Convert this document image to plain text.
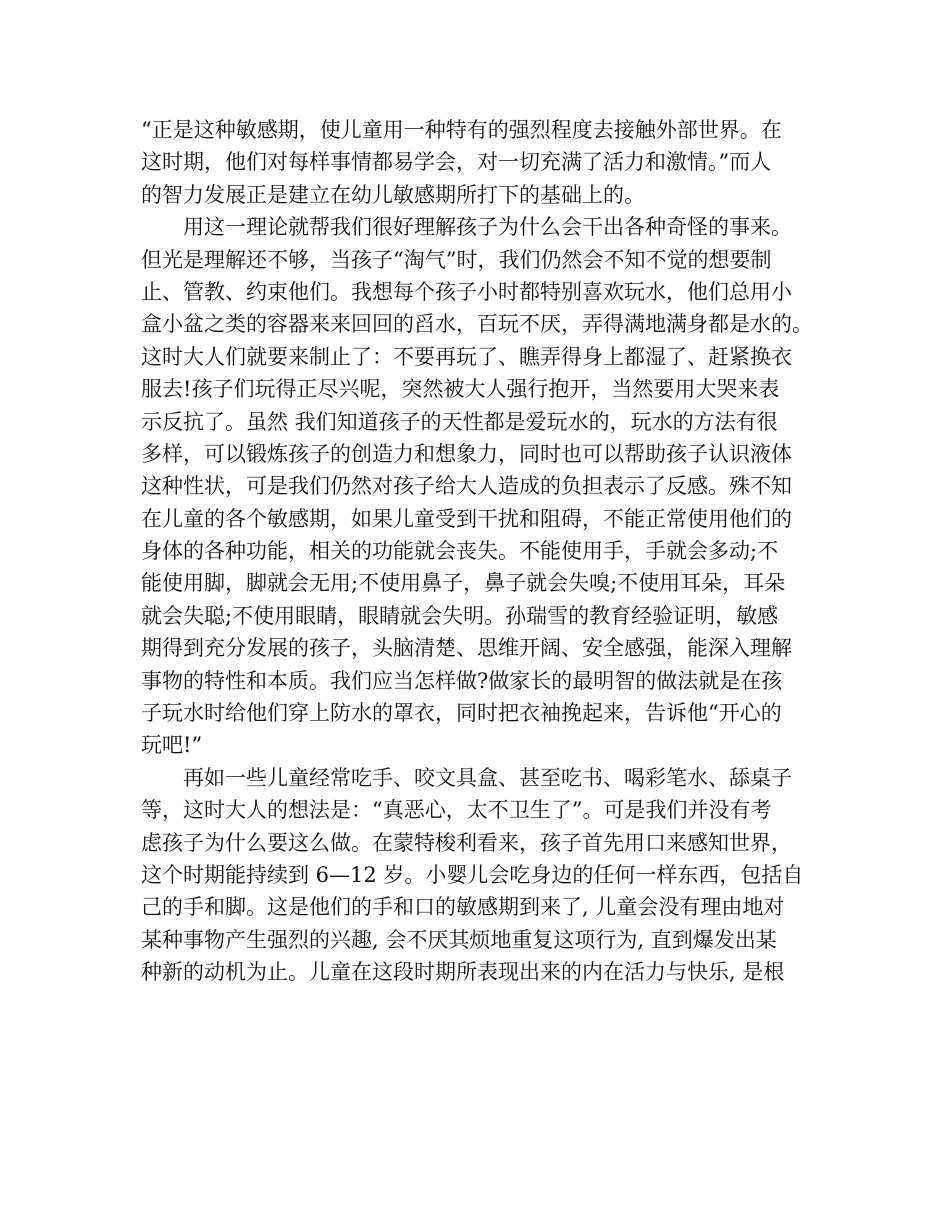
“正是这种敏感期，使儿童用一种特有的强烈程度去接触外部世界。在
这时期，他们对每样事情都易学会，对一切充满了活力和激情。”而人
的智力发展正是建立在幼儿敏感期所打下的基础上的。
　　用这一理论就帮我们很好理解孩子为什么会干出各种奇怪的事来。
但光是理解还不够，当孩子“淘气”时，我们仍然会不知不觉的想要制
止、管教、约束他们。我想每个孩子小时都特别喜欢玩水，他们总用小
盒小盆之类的容器来来回回的舀水，百玩不厌，弄得满地满身都是水的。
这时大人们就要来制止了：不要再玩了、瞧弄得身上都湿了、赶紧换衣
服去!孩子们玩得正尽兴呢，突然被大人强行抱开，当然要用大哭来表
示反抗了。虽然 我们知道孩子的天性都是爱玩水的，玩水的方法有很
多样，可以锻炼孩子的创造力和想象力，同时也可以帮助孩子认识液体
这种性状，可是我们仍然对孩子给大人造成的负担表示了反感。殊不知
在儿童的各个敏感期，如果儿童受到干扰和阻碍，不能正常使用他们的
身体的各种功能，相关的功能就会丧失。不能使用手，手就会多动;不
能使用脚，脚就会无用;不使用鼻子，鼻子就会失嗅;不使用耳朵，耳朵
就会失聪;不使用眼睛，眼睛就会失明。孙瑞雪的教育经验证明，敏感
期得到充分发展的孩子，头脑清楚、思维开阔、安全感强，能深入理解
事物的特性和本质。我们应当怎样做?做家长的最明智的做法就是在孩
子玩水时给他们穿上防水的罩衣，同时把衣袖挽起来，告诉他“开心的
玩吧!”
　　再如一些儿童经常吃手、咬文具盒、甚至吃书、喝彩笔水、舔桌子
等，这时大人的想法是：“真恶心，太不卫生了”。可是我们并没有考
虑孩子为什么要这么做。在蒙特梭利看来，孩子首先用口来感知世界，
这个时期能持续到 6—12 岁。小婴儿会吃身边的任何一样东西，包括自
己的手和脚。这是他们的手和口的敏感期到来了, 儿童会没有理由地对
某种事物产生强烈的兴趣, 会不厌其烦地重复这项行为, 直到爆发出某
种新的动机为止。儿童在这段时期所表现出来的内在活力与快乐, 是根
